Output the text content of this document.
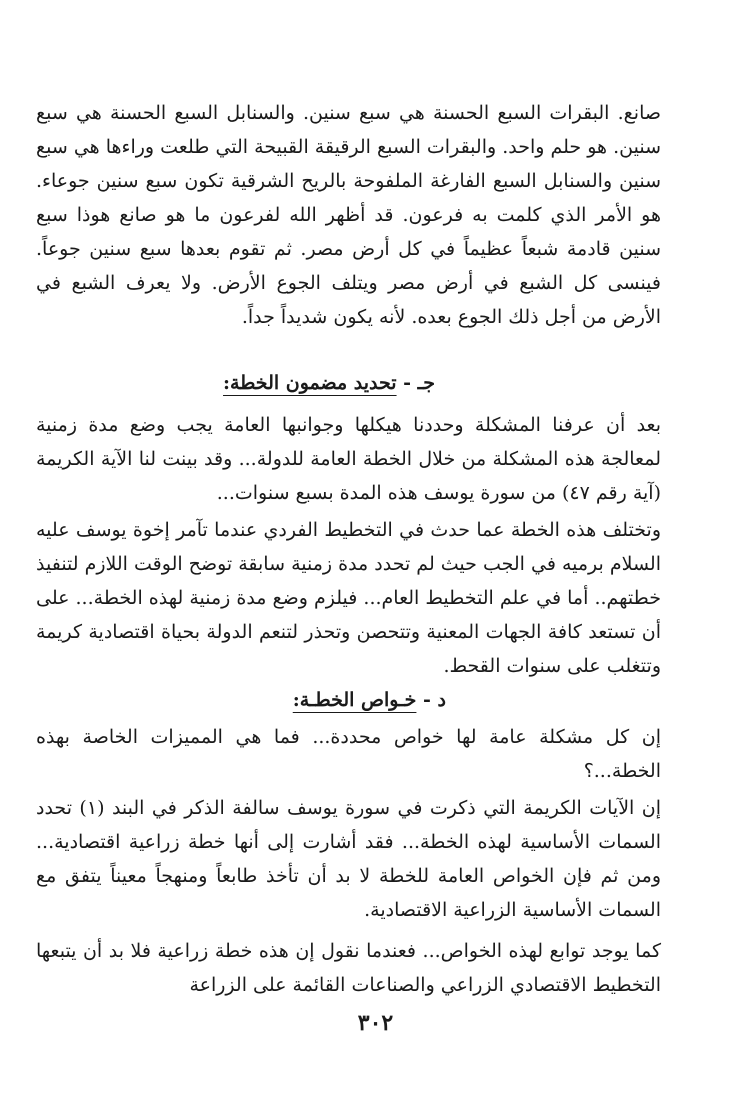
صانع. البقرات السبع الحسنة هي سبع سنين. والسنابل السبع الحسنة هي سبع سنين. هو حلم واحد. والبقرات السبع الرقيقة القبيحة التي طلعت وراءها هي سبع سنين والسنابل السبع الفارغة الملفوحة بالريح الشرقية تكون سبع سنين جوعاء. هو الأمر الذي كلمت به فرعون. قد أظهر الله لفرعون ما هو صانع هوذا سبع سنين قادمة شبعاً عظيماً في كل أرض مصر. ثم تقوم بعدها سبع سنين جوعاً. فينسى كل الشبع في أرض مصر ويتلف الجوع الأرض. ولا يعرف الشبع في الأرض من أجل ذلك الجوع بعده. لأنه يكون شديداً جداً.

جـ - تحديد مضمون الخطة:

بعد أن عرفنا المشكلة وحددنا هيكلها وجوانبها العامة يجب وضع مدة زمنية لمعالجة هذه المشكلة من خلال الخطة العامة للدولة... وقد بينت لنا الآية الكريمة (آية رقم ٤٧) من سورة يوسف هذه المدة بسبع سنوات...

وتختلف هذه الخطة عما حدث في التخطيط الفردي عندما تآمر إخوة يوسف عليه السلام برميه في الجب حيث لم تحدد مدة زمنية سابقة توضح الوقت اللازم لتنفيذ خطتهم.. أما في علم التخطيط العام... فيلزم وضع مدة زمنية لهذه الخطة... على أن تستعد كافة الجهات المعنية وتتحصن وتحذر لتنعم الدولة بحياة اقتصادية كريمة وتتغلب على سنوات القحط.

د - خـواص الخطـة:

إن كل مشكلة عامة لها خواص محددة... فما هي المميزات الخاصة بهذه الخطة...؟

إن الآيات الكريمة التي ذكرت في سورة يوسف سالفة الذكر في البند (١) تحدد السمات الأساسية لهذه الخطة... فقد أشارت إلى أنها خطة زراعية اقتصادية... ومن ثم فإن الخواص العامة للخطة لا بد أن تأخذ طابعاً ومنهجاً معيناً يتفق مع السمات الأساسية الزراعية الاقتصادية.

كما يوجد توابع لهذه الخواص... فعندما نقول إن هذه خطة زراعية فلا بد أن يتبعها التخطيط الاقتصادي الزراعي والصناعات القائمة على الزراعة

٣٠٢
